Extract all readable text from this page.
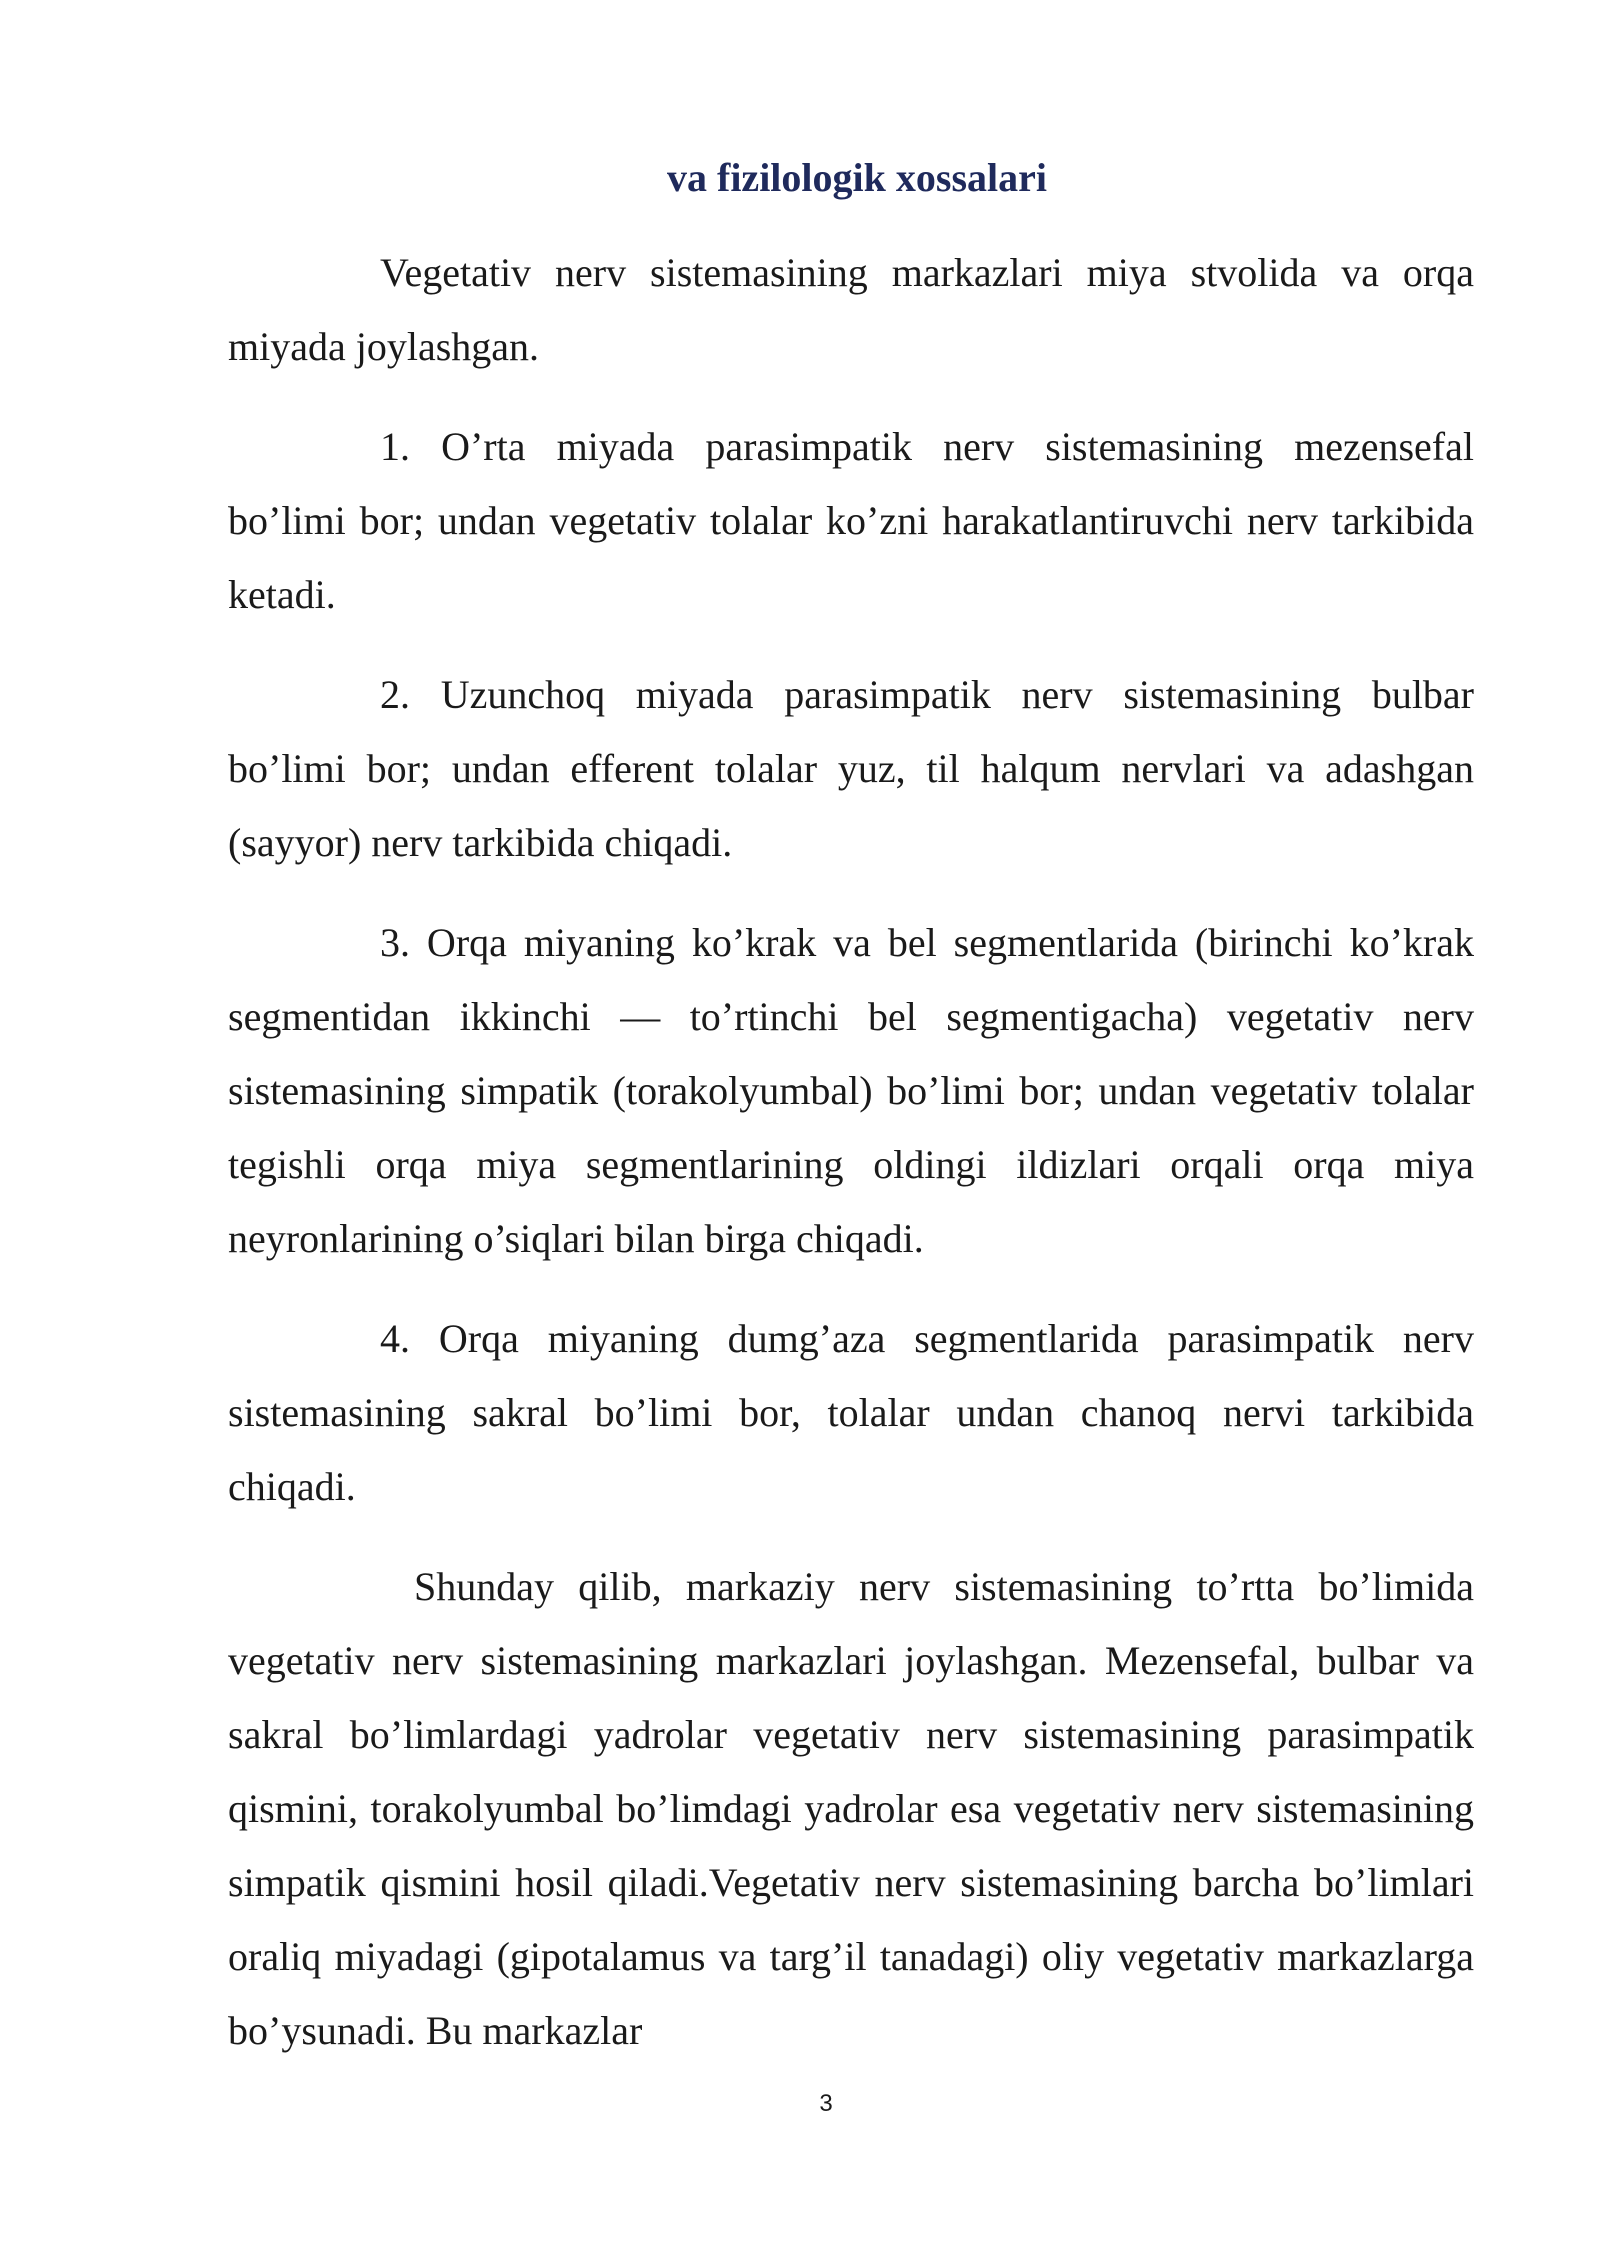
va fizilologik xossalari

Vegetativ nerv sistemasining markazlari miya stvolida va orqa miyada joylashgan.

1. O’rta miyada parasimpatik nerv sistemasining mezensefal bo’limi bor; undan vegetativ tolalar ko’zni harakatlantiruvchi nerv tarkibida ketadi.

2. Uzunchoq miyada parasimpatik nerv sistemasining bulbar bo’limi bor; undan efferent tolalar yuz, til halqum nervlari va adashgan (sayyor) nerv tarkibida chiqadi.

3. Orqa miyaning ko’krak va bel segmentlarida (birinchi ko’krak segmentidan ikkinchi — to’rtinchi bel segmentigacha) vegetativ nerv sistemasining simpatik (torakolyumbal) bo’limi bor; undan vegetativ tolalar tegishli orqa miya segmentlarining oldingi ildizlari orqali orqa miya neyronlarining o’siqlari bilan birga chiqadi.

4. Orqa miyaning dumg’aza segmentlarida parasimpatik nerv sistemasining sakral bo’limi bor, tolalar undan chanoq nervi tarkibida chiqadi.

Shunday qilib, markaziy nerv sistemasining to’rtta bo’limida vegetativ nerv sistemasining markazlari joylashgan. Mezensefal, bulbar va sakral bo’limlardagi yadrolar vegetativ nerv sistemasining parasimpatik qismini, torakolyumbal bo’limdagi yadrolar esa vegetativ nerv sistemasining simpatik qismini hosil qiladi.Vegetativ nerv sistemasining barcha bo’limlari oraliq miyadagi (gipotalamus va targ’il tanadagi) oliy vegetativ markazlarga bo’ysunadi. Bu markazlar

3
